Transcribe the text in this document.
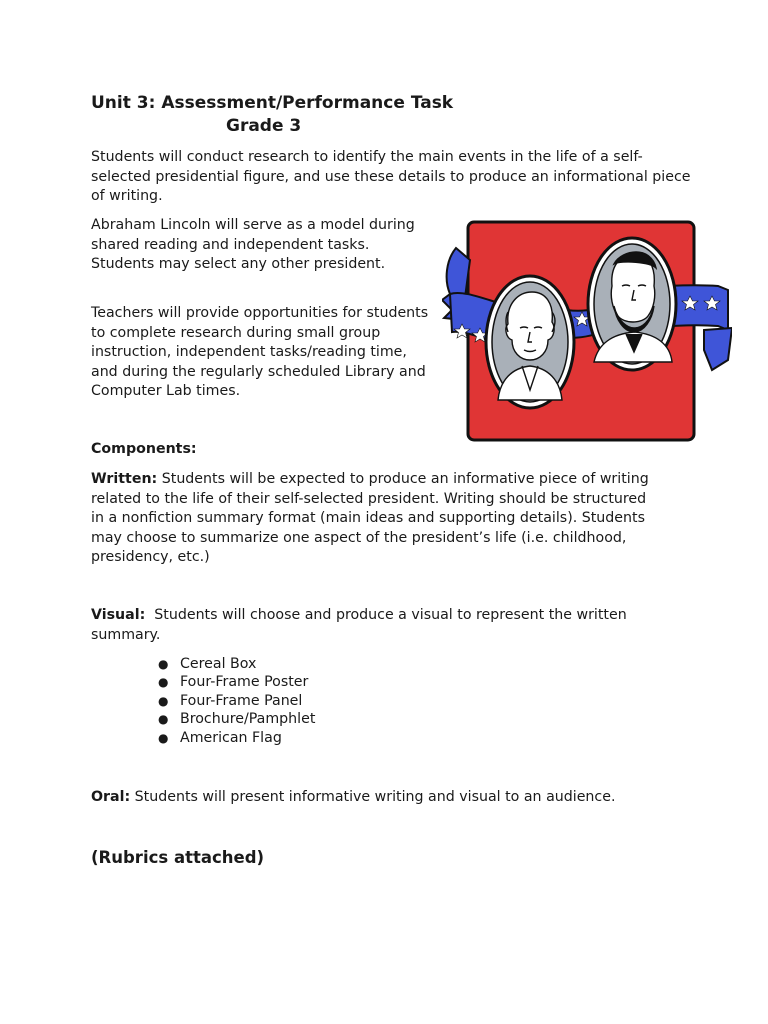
Unit 3: Assessment/Performance Task

Grade 3

Students will conduct research to identify the main events in the life of a self-selected presidential figure, and use these details to produce an informational piece of writing.

Abraham Lincoln will serve as a model during shared reading and independent tasks. Students may select any other president.

Teachers will provide opportunities for students to complete research during small group instruction, independent tasks/reading time, and during the regularly scheduled Library and Computer Lab times.

Components:

Written: Students will be expected to produce an informative piece of writing related to the life of their self-selected president. Writing should be structured in a nonfiction summary format (main ideas and supporting details). Students may choose to summarize one aspect of the president’s life (i.e. childhood, presidency, etc.)

Visual:  Students will choose and produce a visual to represent the written summary.

● Cereal Box
● Four-Frame Poster
● Four-Frame Panel
● Brochure/Pamphlet
● American Flag

Oral: Students will present informative writing and visual to an audience.

(Rubrics attached)
